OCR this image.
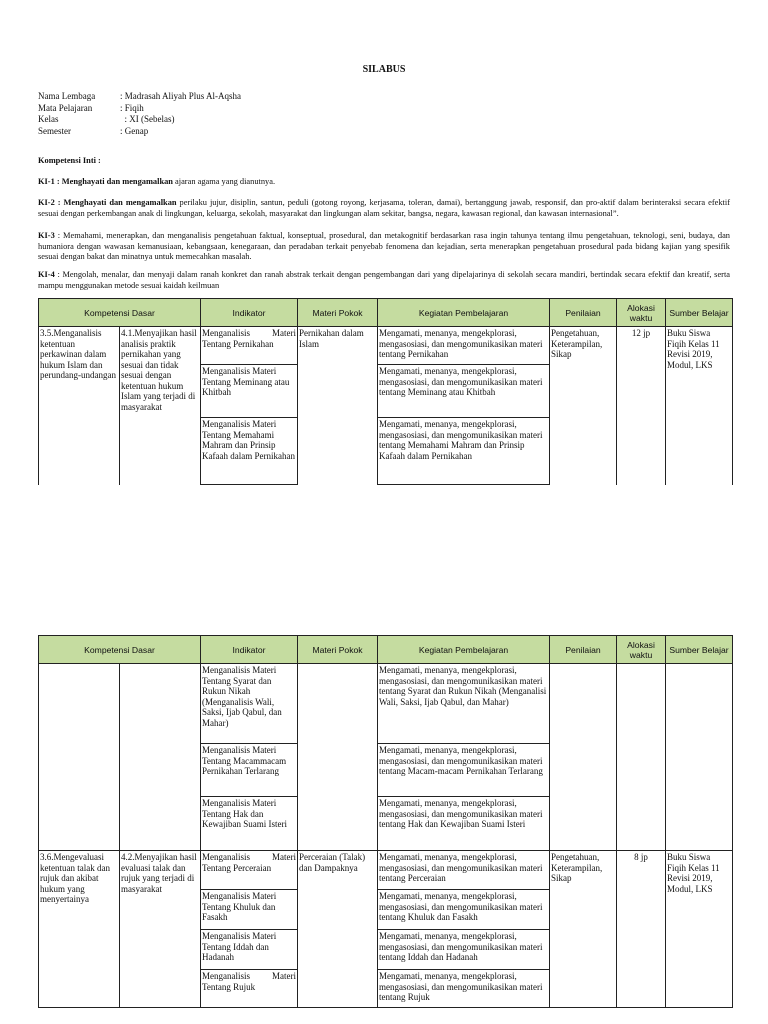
SILABUS
Nama Lembaga	: Madrasah Aliyah Plus Al-Aqsha
Mata Pelajaran	: Fiqih
Kelas	: XI (Sebelas)
Semester	: Genap
Kompetensi Inti :
KI-1 : Menghayati dan mengamalkan ajaran agama yang dianutnya.
KI-2 : Menghayati dan mengamalkan perilaku jujur, disiplin, santun, peduli (gotong royong, kerjasama, toleran, damai), bertanggung jawab, responsif, dan pro-aktif dalam berinteraksi secara efektif sesuai dengan perkembangan anak di lingkungan, keluarga, sekolah, masyarakat dan lingkungan alam sekitar, bangsa, negara, kawasan regional, dan kawasan internasional”.
KI-3 : Memahami, menerapkan, dan menganalisis pengetahuan faktual, konseptual, prosedural, dan metakognitif berdasarkan rasa ingin tahunya tentang ilmu pengetahuan, teknologi, seni, budaya, dan humaniora dengan wawasan kemanusiaan, kebangsaan, kenegaraan, dan peradaban terkait penyebab fenomena dan kejadian, serta menerapkan pengetahuan prosedural pada bidang kajian yang spesifik sesuai dengan bakat dan minatnya untuk memecahkan masalah.
KI-4 : Mengolah, menalar, dan menyaji dalam ranah konkret dan ranah abstrak terkait dengan pengembangan dari yang dipelajarinya di sekolah secara mandiri, bertindak secara efektif dan kreatif, serta mampu menggunakan metode sesuai kaidah keilmuan
Kompetensi Dasar		Indikator	Materi Pokok	Kegiatan Pembelajaran	Penilaian	Alokasi waktu	Sumber Belajar
3.5.Menganalisis ketentuan perkawinan dalam hukum Islam dan perundang-undangan	4.1.Menyajikan hasil analisis praktik pernikahan yang sesuai dan tidak sesuai dengan ketentuan hukum Islam yang terjadi di masyarakat	Menganalisis Materi Tentang Pernikahan	Pernikahan dalam Islam	Mengamati, menanya, mengekplorasi, mengasosiasi, dan mengomunikasikan materi tentang Pernikahan	Pengetahuan, Keterampilan, Sikap	12 jp	Buku Siswa Fiqih Kelas 11 Revisi 2019, Modul, LKS
		Menganalisis Materi Tentang Meminang atau Khitbah		Mengamati, menanya, mengekplorasi, mengasosiasi, dan mengomunikasikan materi tentang Meminang atau Khitbah			
		Menganalisis Materi Tentang Memahami Mahram dan Prinsip Kafaah dalam Pernikahan		Mengamati, menanya, mengekplorasi, mengasosiasi, dan mengomunikasikan materi tentang Memahami Mahram dan Prinsip Kafaah dalam Pernikahan			
Kompetensi Dasar		Indikator	Materi Pokok	Kegiatan Pembelajaran	Penilaian	Alokasi waktu	Sumber Belajar
		Menganalisis Materi Tentang Syarat dan Rukun Nikah (Menganalisis Wali, Saksi, Ijab Qabul, dan Mahar)		Mengamati, menanya, mengekplorasi, mengasosiasi, dan mengomunikasikan materi tentang Syarat dan Rukun Nikah (Menganalisi Wali, Saksi, Ijab Qabul, dan Mahar)			
		Menganalisis Materi Tentang Macammacam Pernikahan Terlarang		Mengamati, menanya, mengekplorasi, mengasosiasi, dan mengomunikasikan materi tentang Macam-macam Pernikahan Terlarang			
		Menganalisis Materi Tentang Hak dan Kewajiban Suami Isteri		Mengamati, menanya, mengekplorasi, mengasosiasi, dan mengomunikasikan materi tentang Hak dan Kewajiban Suami Isteri			
3.6.Mengevaluasi ketentuan talak dan rujuk dan akibat hukum yang menyertainya	4.2.Menyajikan hasil evaluasi talak dan rujuk yang terjadi di masyarakat	Menganalisis Materi Tentang Perceraian	Perceraian (Talak) dan Dampaknya	Mengamati, menanya, mengekplorasi, mengasosiasi, dan mengomunikasikan materi tentang Perceraian	Pengetahuan, Keterampilan, Sikap	8 jp	Buku Siswa Fiqih Kelas 11 Revisi 2019, Modul, LKS
		Menganalisis Materi Tentang Khuluk dan Fasakh		Mengamati, menanya, mengekplorasi, mengasosiasi, dan mengomunikasikan materi tentang Khuluk dan Fasakh			
		Menganalisis Materi Tentang Iddah dan Hadanah		Mengamati, menanya, mengekplorasi, mengasosiasi, dan mengomunikasikan materi tentang Iddah dan Hadanah			
		Menganalisis Materi Tentang Rujuk		Mengamati, menanya, mengekplorasi, mengasosiasi, dan mengomunikasikan materi tentang Rujuk			
